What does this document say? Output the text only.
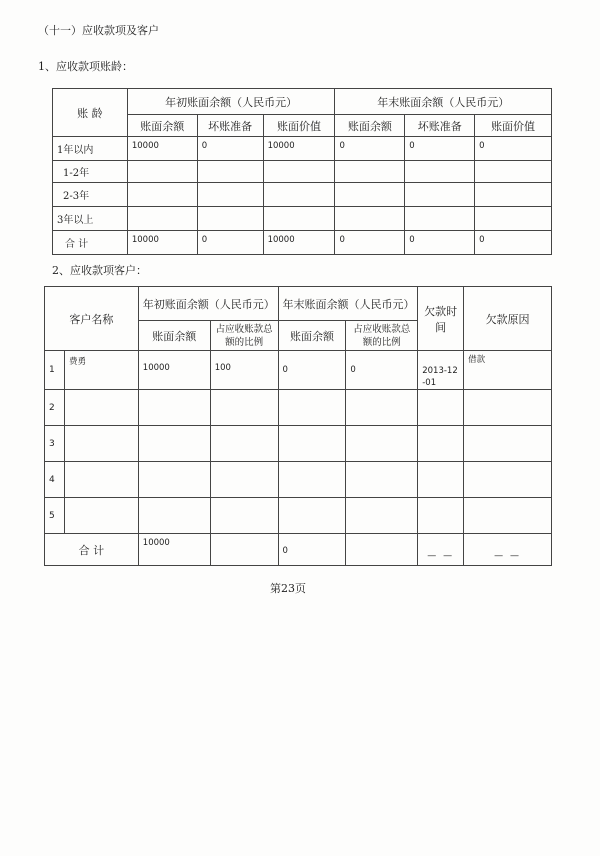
（十一）应收款项及客户
1、应收款项账龄：
账 龄	年初账面余额（人民币元）			年末账面余额（人民币元）		
	账面余额	坏账准备	账面价值	账面余额	坏账准备	账面价值
1年以内	10000	0	10000	0	0	0
1-2年						
2-3年						
3年以上						
合 计	10000	0	10000	0	0	0
2、应收款项客户：
客户名称		年初账面余额（人民币元）		年末账面余额（人民币元）		欠款时间	欠款原因
		账面余额	占应收账款总额的比例	账面余额	占应收账款总额的比例		
1	费勇	10000	100	0	0	2013-12-01	借款
2							
3							
4							
5							
合 计		10000		0		— —	— —
第23页
